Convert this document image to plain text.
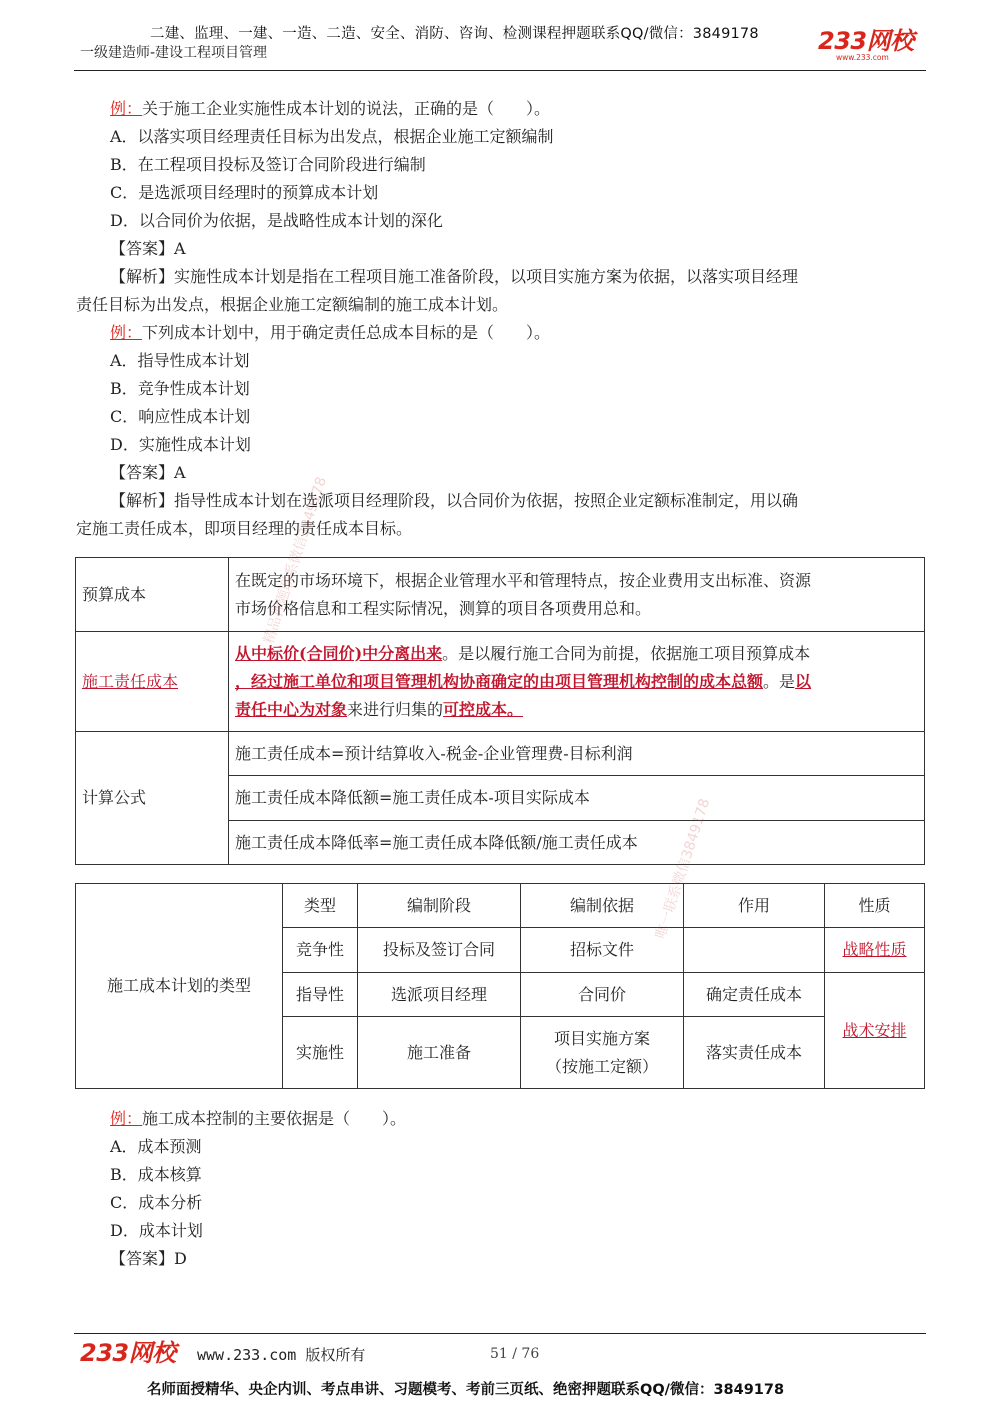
二建、监理、一建、一造、二造、安全、消防、咨询、检测课程押题联系QQ/微信：3849178
一级建造师-建设工程项目管理	233网校
www.233.com
例：关于施工企业实施性成本计划的说法，正确的是（　　）。
A．以落实项目经理责任目标为出发点，根据企业施工定额编制
B．在工程项目投标及签订合同阶段进行编制
C．是选派项目经理时的预算成本计划
D．以合同价为依据，是战略性成本计划的深化
【答案】A
【解析】实施性成本计划是指在工程项目施工准备阶段，以项目实施方案为依据，以落实项目经理
责任目标为出发点，根据企业施工定额编制的施工成本计划。
例：下列成本计划中，用于确定责任总成本目标的是（　　）。
A．指导性成本计划
B．竞争性成本计划
C．响应性成本计划
D．实施性成本计划
【答案】A
【解析】指导性成本计划在选派项目经理阶段，以合同价为依据，按照企业定额标准制定，用以确
定施工责任成本，即项目经理的责任成本目标。
预算成本	在既定的市场环境下，根据企业管理水平和管理特点，按企业费用支出标准、资源
市场价格信息和工程实际情况，测算的项目各项费用总和。

施工责任成本	从中标价(合同价)中分离出来。是以履行施工合同为前提，依据施工项目预算成本
，经过施工单位和项目管理机构协商确定的由项目管理机构控制的成本总额。是以
责任中心为对象来进行归集的可控成本。

计算公式	施工责任成本=预计结算收入-税金-企业管理费-目标利润
	施工责任成本降低额=施工责任成本-项目实际成本
	施工责任成本降低率=施工责任成本降低额/施工责任成本
施工成本计划的类型	类型	编制阶段	编制依据	作用	性质
	竞争性	投标及签订合同	招标文件		战略性质
	指导性	选派项目经理	合同价	确定责任成本	战术安排
	实施性	施工准备	项目实施方案
（按施工定额）	落实责任成本	
例：施工成本控制的主要依据是（　　）。
A．成本预测
B．成本核算
C．成本分析
D．成本计划
【答案】D
精品押题联系微信3849178
唯一联系微信3849178
233网校 www.233.com 版权所有	51 / 76
名师面授精华、央企内训、考点串讲、习题模考、考前三页纸、绝密押题联系QQ/微信：3849178
